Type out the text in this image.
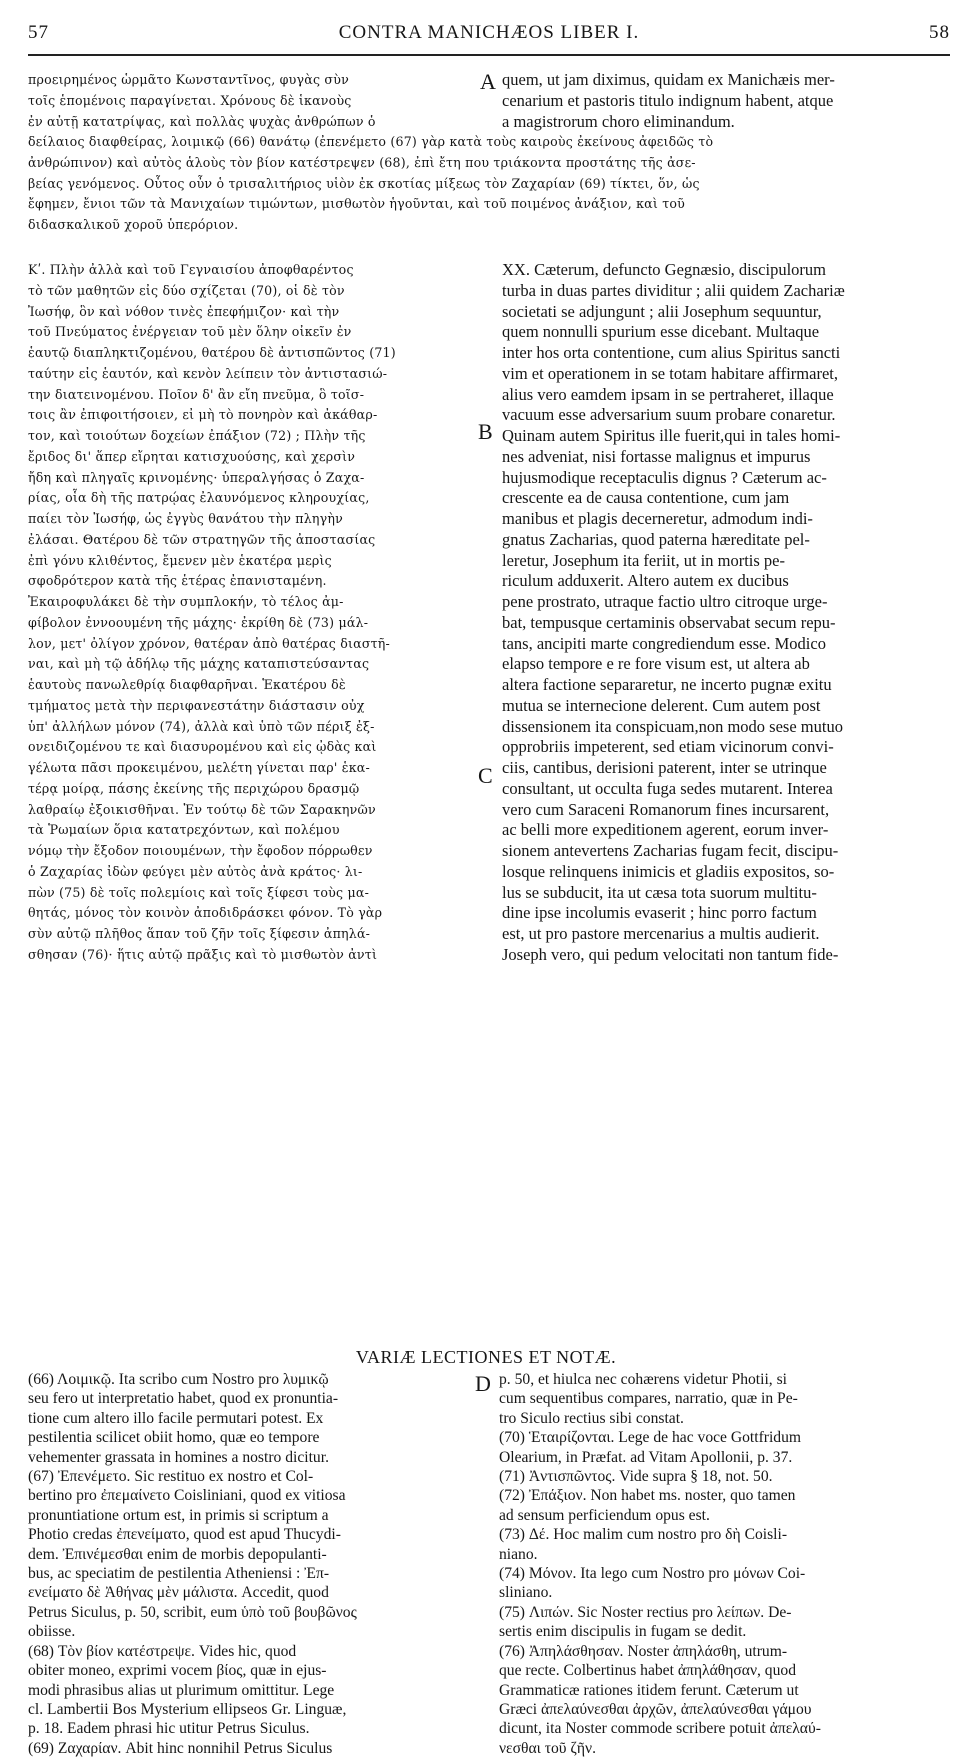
57	CONTRA MANICHÆOS LIBER I.	58
προειρημένος ὡρμᾶτο Κωνσταντῖνος, φυγὰς σὺν
τοῖς ἑπομένοις παραγίνεται. Χρόνους δὲ ἱκανοὺς
ἐν αὐτῇ κατατρίψας, καὶ πολλὰς ψυχὰς ἀνθρώπων ὁ
A quem, ut jam diximus, quidam ex Manichæis mer-
cenarium et pastoris titulo indignum habent, atque
a magistrorum choro eliminandum.
δείλαιος διαφθείρας, λοιμικῷ (66) θανάτῳ (ἐπενέμετο (67) γὰρ κατὰ τοὺς καιροὺς ἐκείνους ἀφειδῶς τὸ
ἀνθρώπινον) καὶ αὐτὸς ἁλοὺς τὸν βίον κατέστρεψεν (68), ἐπὶ ἔτη που τριάκοντα προστάτης τῆς ἀσε-
βείας γενόμενος. Οὗτος οὖν ὁ τρισαλιτήριος υἱὸν ἐκ σκοτίας μίξεως τὸν Ζαχαρίαν (69) τίκτει, ὅν, ὡς
ἔφημεν, ἔνιοι τῶν τὰ Μανιχαίων τιμώντων, μισθωτὸν ἡγοῦνται, καὶ τοῦ ποιμένος ἀνάξιον, καὶ τοῦ
διδασκαλικοῦ χοροῦ ὑπερόριον.
Κʹ. Πλὴν ἀλλὰ καὶ τοῦ Γεγναισίου ἀποφθαρέντος
τὸ τῶν μαθητῶν εἰς δύο σχίζεται (70), οἱ δὲ τὸν
Ἰωσήφ, ὃν καὶ νόθον τινὲς ἐπεφήμιζον· καὶ τὴν
τοῦ Πνεύματος ἐνέργειαν τοῦ μὲν ὅλην οἰκεῖν ἐν
ἑαυτῷ διαπληκτιζομένου, θατέρου δὲ ἀντισπῶντος (71)
ταύτην εἰς ἑαυτόν, καὶ κενὸν λείπειν τὸν ἀντιστασιώ-
την διατεινομένου. Ποῖον δ' ἂν εἴη πνεῦμα, ὃ τοῖσ-
τοις ἂν ἐπιφοιτήσοιεν, εἰ μὴ τὸ πονηρὸν καὶ ἀκάθαρ-
τον, καὶ τοιούτων δοχείων ἐπάξιον (72) ; Πλὴν τῆς
ἔριδος δι' ἅπερ εἴρηται κατισχυούσης, καὶ χερσὶν
ἤδη καὶ πληγαῖς κρινομένης· ὑπεραλγήσας ὁ Ζαχα-
ρίας, οἷα δὴ τῆς πατρῴας ἐλαυνόμενος κληρουχίας,
παίει τὸν Ἰωσήφ, ὡς ἐγγὺς θανάτου τὴν πληγὴν
ἐλάσαι. Θατέρου δὲ τῶν στρατηγῶν τῆς ἀποστασίας
ἐπὶ γόνυ κλιθέντος, ἔμενεν μὲν ἑκατέρα μερὶς
σφοδρότερον κατὰ τῆς ἑτέρας ἐπανισταμένη.
Ἐκαιροφυλάκει δὲ τὴν συμπλοκήν, τὸ τέλος ἀμ-
φίβολον ἐννοουμένη τῆς μάχης· ἐκρίθη δὲ (73) μάλ-
λον, μετ' ὀλίγον χρόνον, θατέραν ἀπὸ θατέρας διαστῆ-
ναι, καὶ μὴ τῷ ἀδήλῳ τῆς μάχης καταπιστεύσαντας
ἑαυτοὺς πανωλεθρίᾳ διαφθαρῆναι. Ἑκατέρου δὲ
τμήματος μετὰ τὴν περιφανεστάτην διάστασιν οὐχ
ὑπ' ἀλλήλων μόνον (74), ἀλλὰ καὶ ὑπὸ τῶν πέριξ ἐξ-
ονειδιζομένου τε καὶ διασυρομένου καὶ εἰς ᾠδὰς καὶ
γέλωτα πᾶσι προκειμένου, μελέτη γίνεται παρ' ἑκα-
τέρᾳ μοίρᾳ, πάσης ἐκείνης τῆς περιχώρου δρασμῷ
λαθραίῳ ἐξοικισθῆναι. Ἐν τούτῳ δὲ τῶν Σαρακηνῶν
τὰ Ῥωμαίων ὅρια κατατρεχόντων, καὶ πολέμου
νόμῳ τὴν ἔξοδον ποιουμένων, τὴν ἔφοδον πόρρωθεν
ὁ Ζαχαρίας ἰδὼν φεύγει μὲν αὐτὸς ἀνὰ κράτος· λι-
πὼν (75) δὲ τοῖς πολεμίοις καὶ τοῖς ξίφεσι τοὺς μα-
θητάς, μόνος τὸν κοινὸν ἀποδιδράσκει φόνον. Τὸ γὰρ
σὺν αὐτῷ πλῆθος ἅπαν τοῦ ζῆν τοῖς ξίφεσιν ἀπηλά-
σθησαν (76)· ἥτις αὐτῷ πρᾶξις καὶ τὸ μισθωτὸν ἀντὶ
XX. Cæterum, defuncto Gegnæsio, discipulorum
turba in duas partes dividitur ; alii quidem Zachariæ
societati se adjungunt ; alii Josephum sequuntur,
quem nonnulli spurium esse dicebant. Multaque
inter hos orta contentione, cum alius Spiritus sancti
vim et operationem in se totam habitare affirmaret,
alius vero eamdem ipsam in se pertraheret, illaque
vacuum esse adversarium suum probare conaretur.
Quinam autem Spiritus ille fuerit,qui in tales homi-
nes adveniat, nisi fortasse malignus et impurus
hujusmodique receptaculis dignus ? Cæterum ac-
crescente ea de causa contentione, cum jam
manibus et plagis decerneretur, admodum indi-
gnatus Zacharias, quod paterna hæreditate pel-
leretur, Josephum ita feriit, ut in mortis pe-
riculum adduxerit. Altero autem ex ducibus
pene prostrato, utraque factio ultro citroque urge-
bat, tempusque certaminis observabat secum repu-
tans, ancipiti marte congrediendum esse. Modico
elapso tempore e re fore visum est, ut altera ab
altera factione separaretur, ne incerto pugnæ exitu
mutua se internecione delerent. Cum autem post
dissensionem ita conspicuam,non modo sese mutuo
opprobriis impeterent, sed etiam vicinorum convi-
ciis, cantibus, derisioni paterent, inter se utrinque
consultant, ut occulta fuga sedes mutarent. Interea
vero cum Saraceni Romanorum fines incursarent,
ac belli more expeditionem agerent, eorum inver-
sionem antevertens Zacharias fugam fecit, discipu-
losque relinquens inimicis et gladiis expositos, so-
lus se subducit, ita ut cæsa tota suorum multitu-
dine ipse incolumis evaserit ; hinc porro factum
est, ut pro pastore mercenarius a multis audierit.
Joseph vero, qui pedum velocitati non tantum fide-
B
C
VARIÆ LECTIONES ET NOTÆ.
(66) Λοιμικῷ. Ita scribo cum Nostro pro λυμικῷ
seu fero ut interpretatio habet, quod ex pronuntia-
tione cum altero illo facile permutari potest. Ex
pestilentia scilicet obiit homo, quæ eo tempore
vehementer grassata in homines a nostro dicitur.
(67) Ἐπενέμετο. Sic restituo ex nostro et Col-
bertino pro ἐπεμαίνετο Coisliniani, quod ex vitiosa
pronuntiatione ortum est, in primis si scriptum a
Photio credas ἐπενείματο, quod est apud Thucydi-
dem. Ἐπινέμεσθαι enim de morbis depopulanti-
bus, ac speciatim de pestilentia Atheniensi : Ἐπ-
ενείματο δὲ Ἀθήνας μὲν μάλιστα. Accedit, quod
Petrus Siculus, p. 50, scribit, eum ὑπὸ τοῦ βουβῶνος
obiisse.
(68) Τὸν βίον κατέστρεψε. Vides hic, quod
obiter moneo, exprimi vocem βίος, quæ in ejus-
modi phrasibus alias ut plurimum omittitur. Lege
cl. Lambertii Bos Mysterium ellipseos Gr. Linguæ,
p. 18. Eadem phrasi hic utitur Petrus Siculus.
(69) Ζαχαρίαν. Abit hinc nonnihil Petrus Siculus
D p. 50, et hiulca nec cohærens videtur Photii, si
cum sequentibus compares, narratio, quæ in Pe-
tro Siculo rectius sibi constat.
(70) Ἑταιρίζονται. Lege de hac voce Gottfridum
Olearium, in Præfat. ad Vitam Apollonii, p. 37.
(71) Ἀντισπῶντος. Vide supra § 18, not. 50.
(72) Ἐπάξιον. Non habet ms. noster, quo tamen
ad sensum perficiendum opus est.
(73) Δέ. Hoc malim cum nostro pro δὴ Coisli-
niano.
(74) Μόνον. Ita lego cum Nostro pro μόνων Coi-
sliniano.
(75) Λιπών. Sic Noster rectius pro λείπων. De-
sertis enim discipulis in fugam se dedit.
(76) Ἀπηλάσθησαν. Noster ἀπηλάσθη, utrum-
que recte. Colbertinus habet ἀπηλάθησαν, quod
Grammaticæ rationes itidem ferunt. Cæterum ut
Græci ἀπελαύνεσθαι ἀρχῶν, ἀπελαύνεσθαι γάμου
dicunt, ita Noster commode scribere potuit ἀπελαύ-
νεσθαι τοῦ ζῆν.
